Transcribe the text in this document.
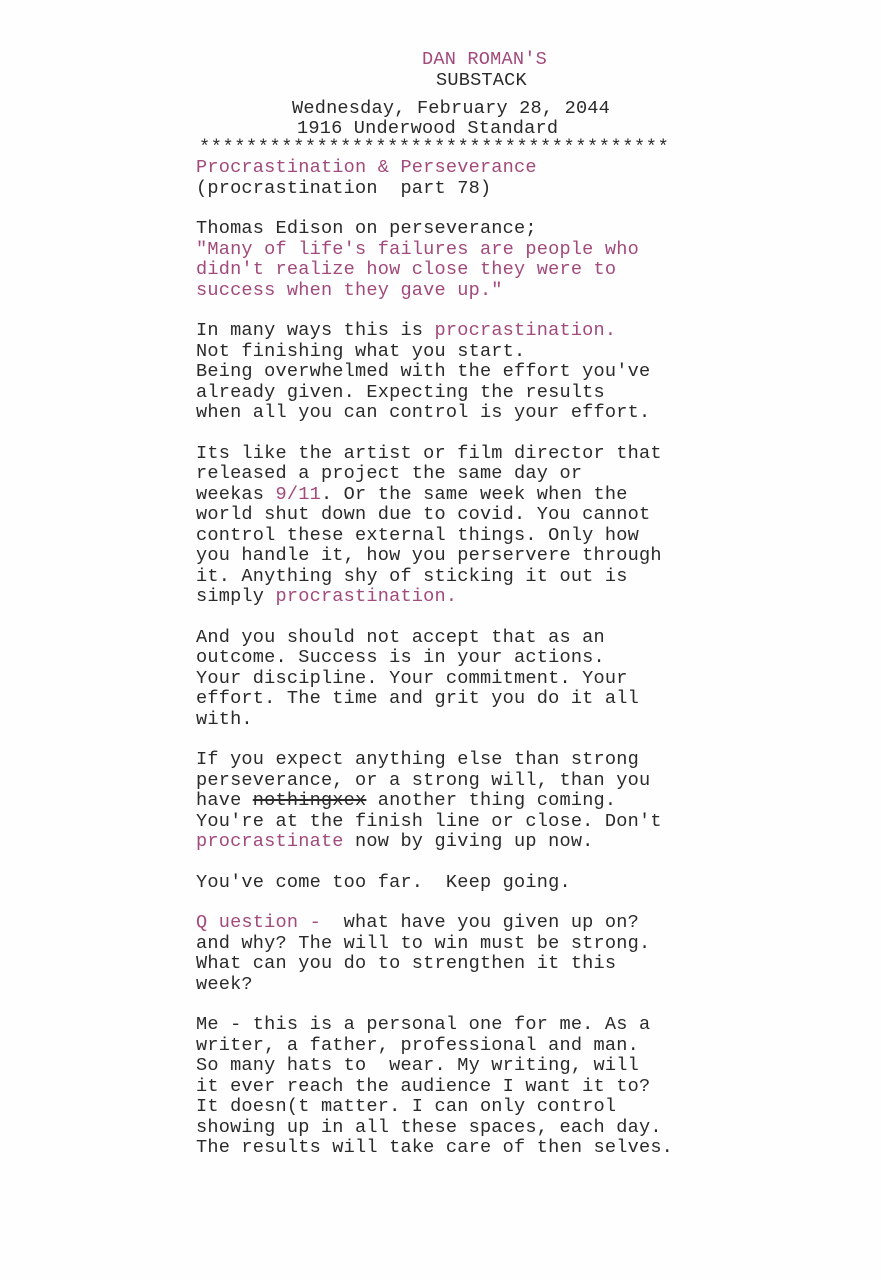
DAN ROMAN'S
SUBSTACK
Wednesday, February 28, 2044
1916 Underwood Standard
****************************************
Procrastination & Perseverance
(procrastination  part 78)
Thomas Edison on perseverance;
"Many of life's failures are people who
didn't realize how close they were to
success when they gave up."
In many ways this is procrastination.
Not finishing what you start.
Being overwhelmed with the effort you've
already given. Expecting the results
when all you can control is your effort.
Its like the artist or film director that
released a project the same day or
weekas 9/11. Or the same week when the
world shut down due to covid. You cannot
control these external things. Only how
you handle it, how you perservere through
it. Anything shy of sticking it out is
simply procrastination.
And you should not accept that as an
outcome. Success is in your actions.
Your discipline. Your commitment. Your
effort. The time and grit you do it all
with.
If you expect anything else than strong
perseverance, or a strong will, than you
have nothingxex another thing coming.
You're at the finish line or close. Don't
procrastinate now by giving up now.
You've come too far.  Keep going.
Q uestion -  what have you given up on?
and why? The will to win must be strong.
What can you do to strengthen it this
week?
Me - this is a personal one for me. As a
writer, a father, professional and man.
So many hats to  wear. My writing, will
it ever reach the audience I want it to?
It doesn(t matter. I can only control
showing up in all these spaces, each day.
The results will take care of then selves.
